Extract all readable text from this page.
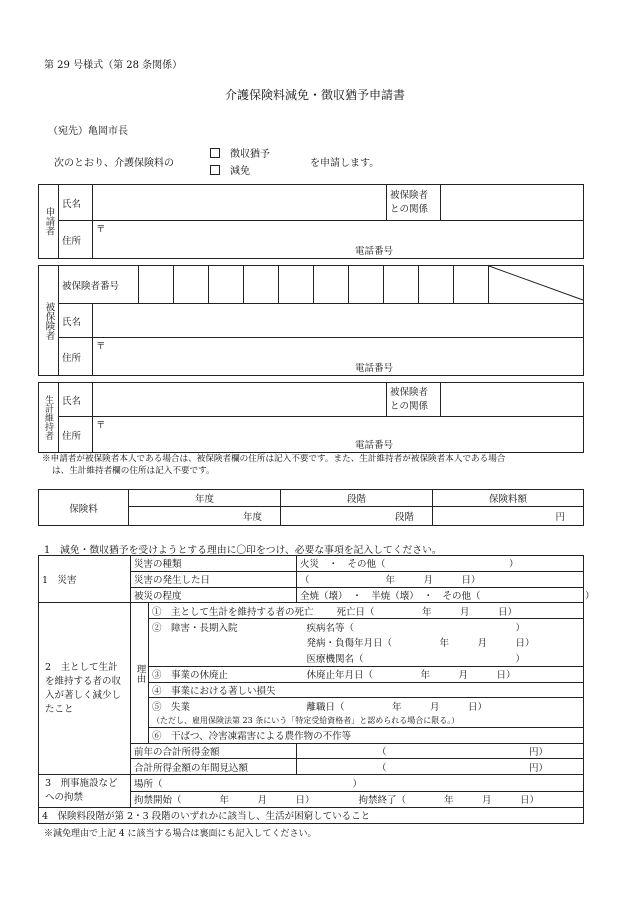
第 29 号様式（第 28 条関係）
介護保険料減免・徴収猶予申請書
（宛先）亀岡市長
次のとおり、介護保険料の
徴収猶予
減免
を申請します。
申請者	氏名		被保険者との関係	
	住所	〒
電話番号		
被保険者	被保険者番号											
	氏名												
	住所	〒
電話番号											
生計維持者	氏名		被保険者との関係	
	住所	〒
電話番号		
※申請者が被保険者本人である場合は、被保険者欄の住所は記入不要です。また、生計維持者が被保険者本人である場合
は、生計維持者欄の住所は記入不要です。
保険料	年度	段階	保険料額
	年度	段階	円
1　減免・徴収猶予を受けようとする理由に〇印をつけ、必要な事項を記入してください。
1　災害	災害の種類		火災　・　その他（　　　　　　　　　　　　　）
	災害の発生した日		（　　　　　　　　年　　　月　　　日）
	被災の程度		全焼（壊）　・　半焼（壊）　・　その他（　　　　　　　　　　　）
2　主として生計を維持する者の収入が著しく減少したこと	理由	①　主として生計を維持する者の死亡	死亡日（　　　　　年　　　月　　　日）
		②　障害・長期入院	疾病名等（　　　　　　　　　　　　　　　　　）
			発病・負傷年月日（　　　　　年　　　月　　　日）
			医療機関名（　　　　　　　　　　　　　　　　）
		③　事業の休廃止	休廃止年月日（　　　　　年　　　月　　　日）
		④　事業における著しい損失	
		⑤　失業	離職日（　　　　　年　　　月　　　日）
		（ただし、雇用保険法第 23 条にいう「特定受給資格者」と認められる場合に限る。）	
		⑥　干ばつ、冷害凍霜害による農作物の不作等	
	前年の合計所得金額		（　　　　　　　　　　　　　　　円）
	合計所得金額の年間見込額		（　　　　　　　　　　　　　　　円）
3　刑事施設などへの拘禁	場所（　　　　　　　　　　　　　　　　　　　　）		
	拘禁開始（　　　　年　　　月　　　日）		拘禁終了（　　　　年　　　月　　　日）
4　保険料段階が第 2・3 段階のいずれかに該当し、生活が困窮していること			
※減免理由で上記 4 に該当する場合は裏面にも記入してください。
